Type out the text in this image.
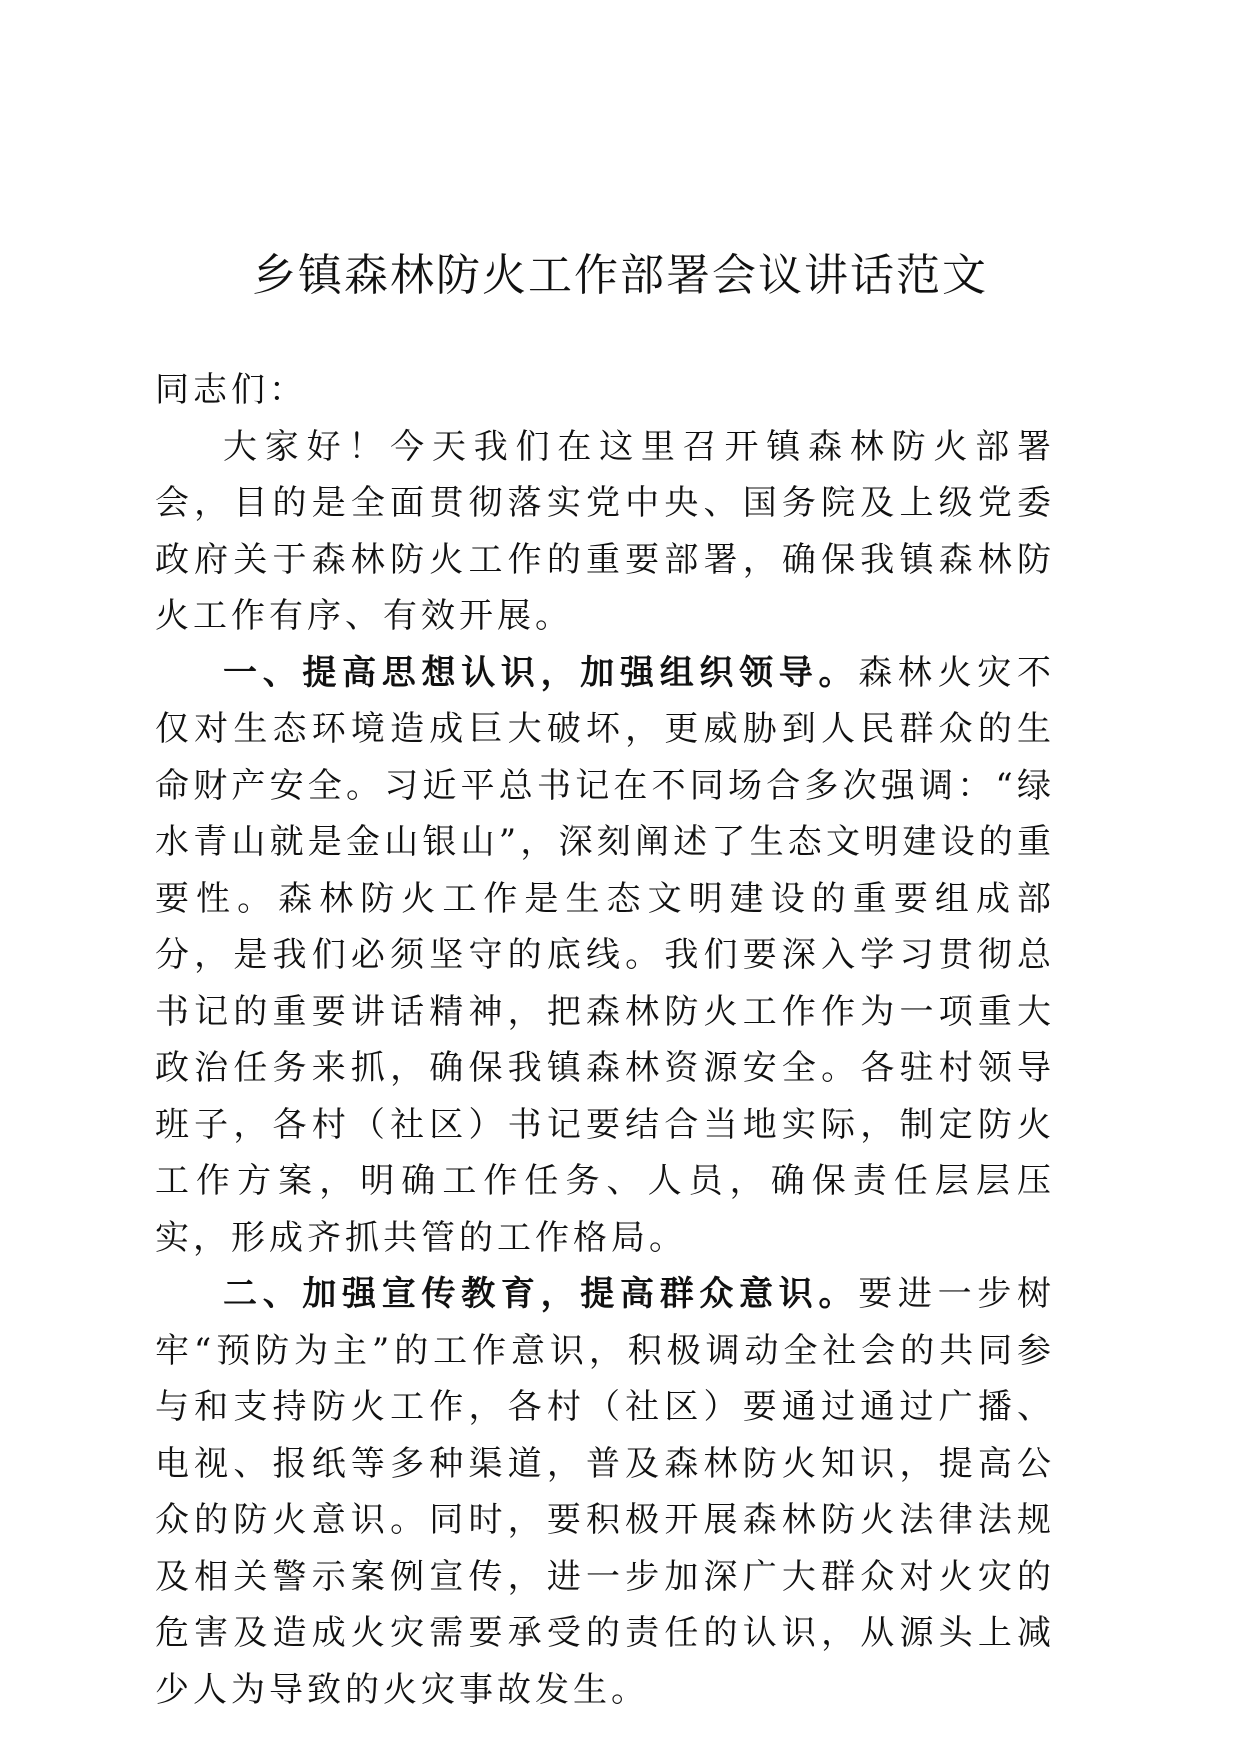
乡镇森林防火工作部署会议讲话范文

同志们：

大家好！今天我们在这里召开镇森林防火部署会，目的是全面贯彻落实党中央、国务院及上级党委政府关于森林防火工作的重要部署，确保我镇森林防火工作有序、有效开展。

一、提高思想认识，加强组织领导。森林火灾不仅对生态环境造成巨大破坏，更威胁到人民群众的生命财产安全。习近平总书记在不同场合多次强调：“绿水青山就是金山银山”，深刻阐述了生态文明建设的重要性。森林防火工作是生态文明建设的重要组成部分，是我们必须坚守的底线。我们要深入学习贯彻总书记的重要讲话精神，把森林防火工作作为一项重大政治任务来抓，确保我镇森林资源安全。各驻村领导班子，各村（社区）书记要结合当地实际，制定防火工作方案，明确工作任务、人员，确保责任层层压实，形成齐抓共管的工作格局。

二、加强宣传教育，提高群众意识。要进一步树牢“预防为主”的工作意识，积极调动全社会的共同参与和支持防火工作，各村（社区）要通过通过广播、电视、报纸等多种渠道，普及森林防火知识，提高公众的防火意识。同时，要积极开展森林防火法律法规及相关警示案例宣传，进一步加深广大群众对火灾的危害及造成火灾需要承受的责任的认识，从源头上减少人为导致的火灾事故发生。
